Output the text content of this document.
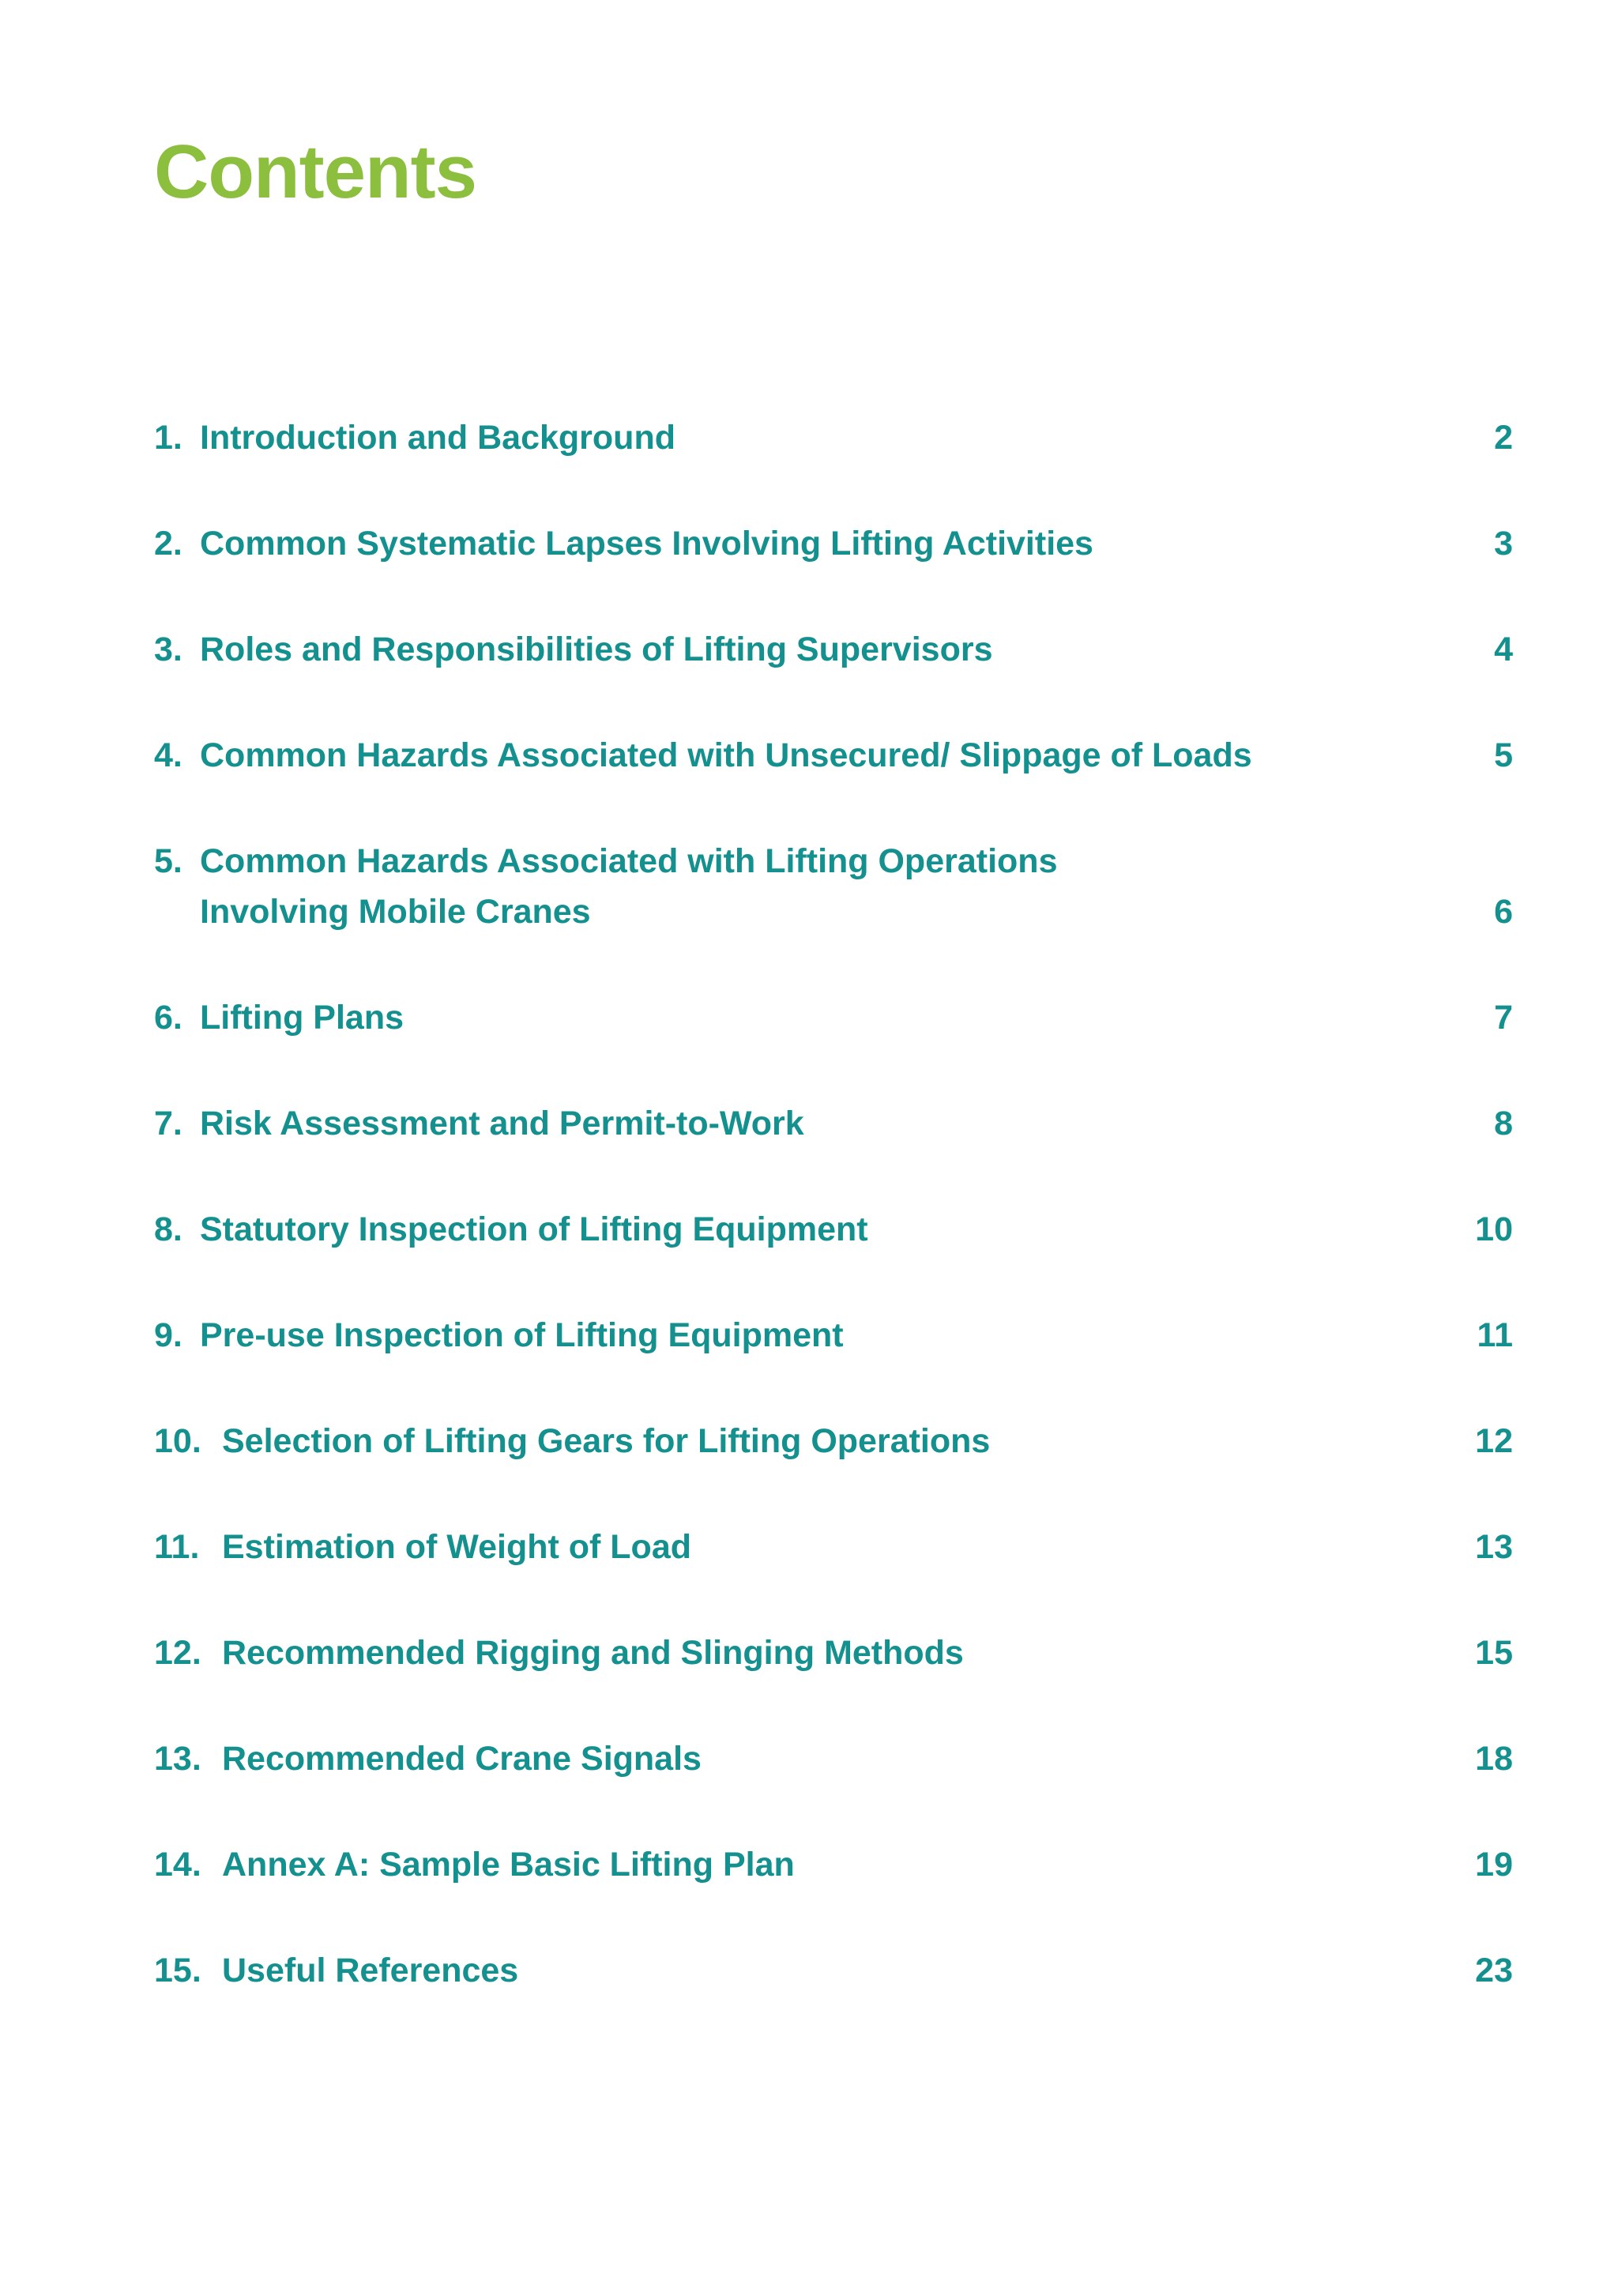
Contents
1. Introduction and Background	2
2. Common Systematic Lapses Involving Lifting Activities	3
3. Roles and Responsibilities of Lifting Supervisors	4
4. Common Hazards Associated with Unsecured/ Slippage of Loads	5
5. Common Hazards Associated with Lifting Operations
Involving Mobile Cranes	6
6. Lifting Plans	7
7. Risk Assessment and Permit-to-Work	8
8. Statutory Inspection of Lifting Equipment	10
9. Pre-use Inspection of Lifting Equipment	11
10. Selection of Lifting Gears for Lifting Operations	12
11. Estimation of Weight of Load	13
12. Recommended Rigging and Slinging Methods	15
13. Recommended Crane Signals	18
14. Annex A: Sample Basic Lifting Plan	19
15. Useful References	23
